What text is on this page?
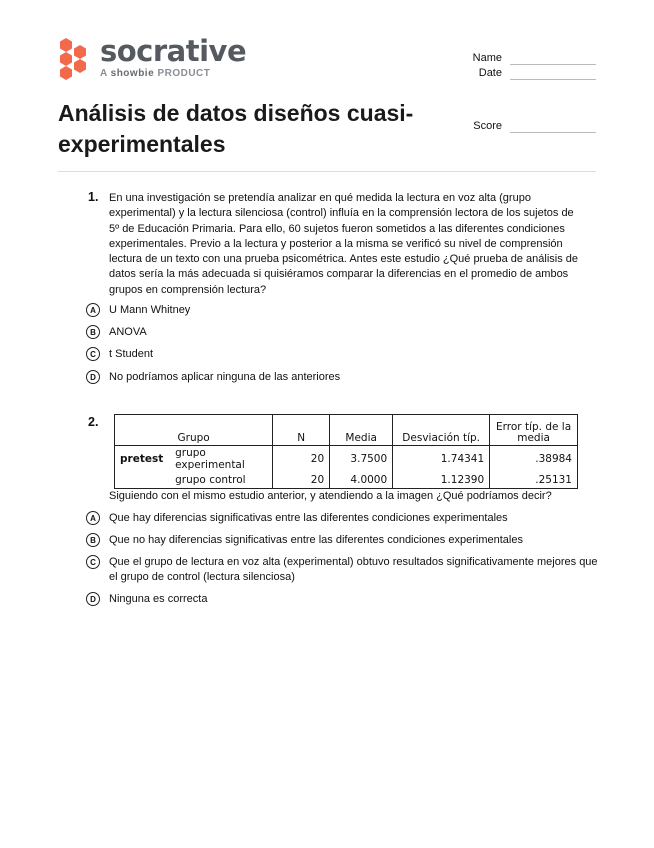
socrative
A showbie PRODUCT
Name
Date
Score
Análisis de datos diseños cuasi-experimentales
1. En una investigación se pretendía analizar en qué medida la lectura en voz alta (grupo experimental) y la lectura silenciosa (control) influía en la comprensión lectora de los sujetos de 5º de Educación Primaria. Para ello, 60 sujetos fueron sometidos a las diferentes condiciones experimentales. Previo a la lectura y posterior a la misma se verificó su nivel de comprensión lectura de un texto con una prueba psicométrica. Antes este estudio ¿Qué prueba de análisis de datos sería la más adecuada si quisiéramos comparar la diferencias en el promedio de ambos grupos en comprensión lectura?
A	U Mann Whitney
B	ANOVA
C	t Student
D	No podríamos aplicar ninguna de las anteriores
2.
Grupo		N	Media	Desviación típ.	Error típ. de la media
pretest	grupo experimental	20	3.7500	1.74341	.38984
	grupo control	20	4.0000	1.12390	.25131
Siguiendo con el mismo estudio anterior, y atendiendo a la imagen ¿Qué podríamos decir?
A	Que hay diferencias significativas entre las diferentes condiciones experimentales
B	Que no hay diferencias significativas entre las diferentes condiciones experimentales
C	Que el grupo de lectura en voz alta (experimental) obtuvo resultados significativamente mejores que el grupo de control (lectura silenciosa)
D	Ninguna es correcta
